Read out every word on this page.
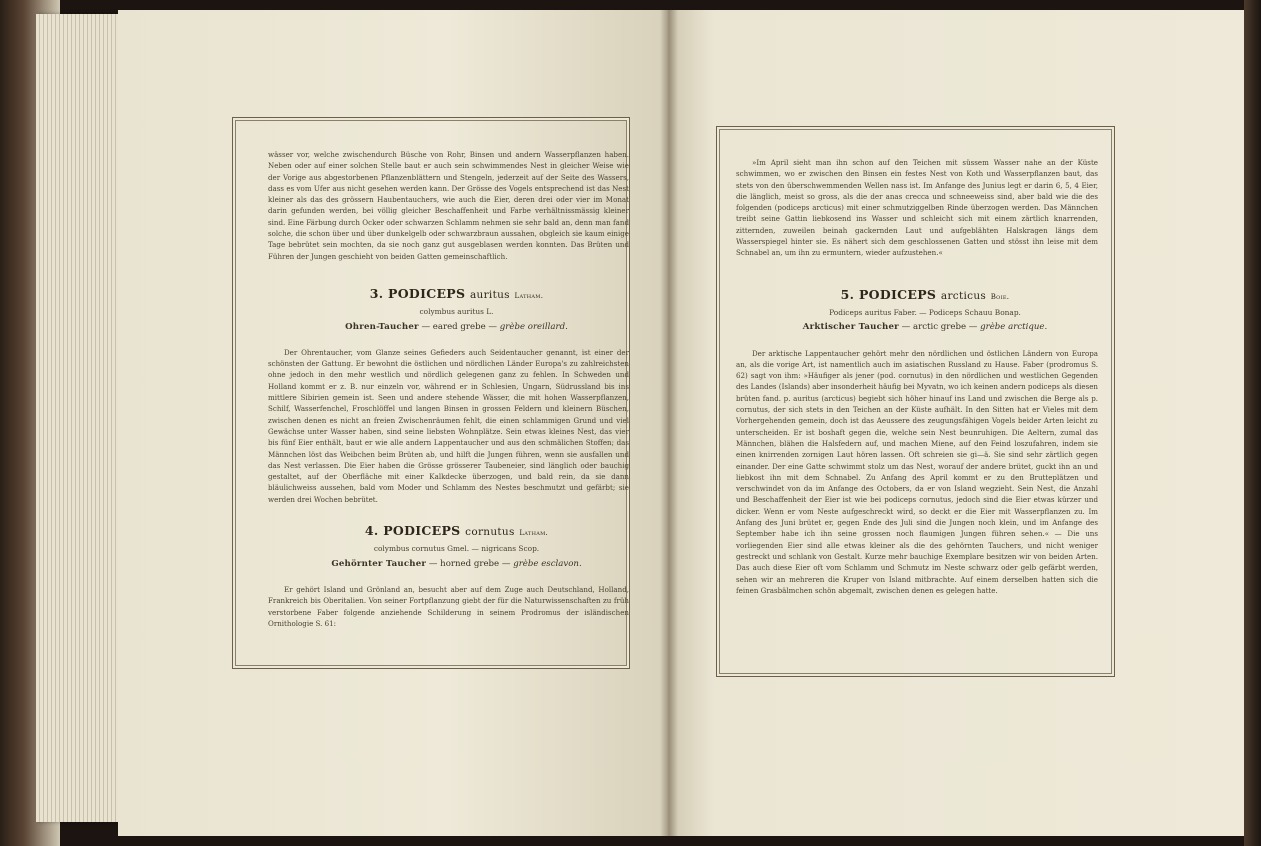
wässer vor, welche zwischendurch Büsche von Rohr, Binsen und andern Wasserpflanzen haben. Neben oder auf einer solchen Stelle baut er auch sein schwimmendes Nest in gleicher Weise wie der Vorige aus abgestorbenen Pflanzenblättern und Stengeln, jederzeit auf der Seite des Wassers, dass es vom Ufer aus nicht gesehen werden kann. Der Grösse des Vogels entsprechend ist das Nest kleiner als das des grössern Haubentauchers, wie auch die Eier, deren drei oder vier im Monat darin gefunden werden, bei völlig gleicher Beschaffenheit und Farbe verhältnissmässig kleiner sind. Eine Färbung durch Ocker oder schwarzen Schlamm nehmen sie sehr bald an, denn man fand solche, die schon über und über dunkelgelb oder schwarzbraun aussahen, obgleich sie kaum einige Tage bebrütet sein mochten, da sie noch ganz gut ausgeblasen werden konnten. Das Brüten und Führen der Jungen geschieht von beiden Gatten gemeinschaftlich.

3. PODICEPS auritus Latham.

colymbus auritus L.

Ohren-Taucher — eared grebe — grèbe oreillard.

Der Ohrentaucher, vom Glanze seines Gefieders auch Seidentaucher genannt, ist einer der schönsten der Gattung. Er bewohnt die östlichen und nördlichen Länder Europa's zu zahlreichsten ohne jedoch in den mehr westlich und nördlich gelegenen ganz zu fehlen. In Schweden und Holland kommt er z. B. nur einzeln vor, während er in Schlesien, Ungarn, Südrussland bis ins mittlere Sibirien gemein ist. Seen und andere stehende Wässer, die mit hohen Wasserpflanzen, Schilf, Wasserfenchel, Froschlöffel und langen Binsen in grossen Feldern und kleinern Büschen, zwischen denen es nicht an freien Zwischenräumen fehlt, die einen schlammigen Grund und viel Gewächse unter Wasser haben, sind seine liebsten Wohnplätze. Sein etwas kleines Nest, das vier bis fünf Eier enthält, baut er wie alle andern Lappentaucher und aus den schmälichen Stoffen; das Männchen löst das Weibchen beim Brüten ab, und hilft die Jungen führen, wenn sie ausfallen und das Nest verlassen. Die Eier haben die Grösse grösserer Taubeneier, sind länglich oder bauchig gestaltet, auf der Oberfläche mit einer Kalkdecke überzogen, und bald rein, da sie dann bläulichweiss aussehen, bald vom Moder und Schlamm des Nestes beschmutzt und gefärbt; sie werden drei Wochen bebrütet.

4. PODICEPS cornutus Latham.

colymbus cornutus Gmel. — nigricans Scop.

Gehörnter Taucher — horned grebe — grèbe esclavon.

Er gehört Island und Grönland an, besucht aber auf dem Zuge auch Deutschland, Holland, Frankreich bis Oberitalien. Von seiner Fortpflanzung giebt der für die Naturwissenschaften zu früh verstorbene Faber folgende anziehende Schilderung in seinem Prodromus der isländischen Ornithologie S. 61:

»Im April sieht man ihn schon auf den Teichen mit süssem Wasser nahe an der Küste schwimmen, wo er zwischen den Binsen ein festes Nest von Koth und Wasserpflanzen baut, das stets von den überschwemmenden Wellen nass ist. Im Anfange des Junius legt er darin 6, 5, 4 Eier, die länglich, meist so gross, als die der anas crecca und schneeweiss sind, aber bald wie die des folgenden (podiceps arcticus) mit einer schmutziggelben Rinde überzogen werden. Das Männchen treibt seine Gattin liebkosend ins Wasser und schleicht sich mit einem zärtlich knarrenden, zitternden, zuweilen beinah gackernden Laut und aufgeblähten Halskragen längs dem Wasserspiegel hinter sie. Es nähert sich dem geschlossenen Gatten und stösst ihn leise mit dem Schnabel an, um ihn zu ermuntern, wieder aufzustehen.«

5. PODICEPS arcticus Boie.

Podiceps auritus Faber. — Podiceps Schauu Bonap.

Arktischer Taucher — arctic grebe — grèbe arctique.

Der arktische Lappentaucher gehört mehr den nördlichen und östlichen Ländern von Europa an, als die vorige Art, ist namentlich auch im asiatischen Russland zu Hause. Faber (prodromus S. 62) sagt von ihm: »Häufiger als jener (pod. cornutus) in den nördlichen und westlichen Gegenden des Landes (Islands) aber insonderheit häufig bei Myvatn, wo ich keinen andern podiceps als diesen brüten fand. p. auritus (arcticus) begiebt sich höher hinauf ins Land und zwischen die Berge als p. cornutus, der sich stets in den Teichen an der Küste aufhält. In den Sitten hat er Vieles mit dem Vorhergehenden gemein, doch ist das Aeussere des zeugungsfähigen Vogels beider Arten leicht zu unterscheiden. Er ist boshaft gegen die, welche sein Nest beunruhigen. Die Aeltern, zumal das Männchen, blähen die Halsfedern auf, und machen Miene, auf den Feind loszufahren, indem sie einen knirrenden zornigen Laut hören lassen. Oft schreien sie gi—ä. Sie sind sehr zärtlich gegen einander. Der eine Gatte schwimmt stolz um das Nest, worauf der andere brütet, guckt ihn an und liebkost ihn mit dem Schnabel. Zu Anfang des April kommt er zu den Brutteplätzen und verschwindet von da im Anfange des Octobers, da er von Island wegzieht. Sein Nest, die Anzahl und Beschaffenheit der Eier ist wie bei podiceps cornutus, jedoch sind die Eier etwas kürzer und dicker. Wenn er vom Neste aufgeschreckt wird, so deckt er die Eier mit Wasserpflanzen zu. Im Anfang des Juni brütet er, gegen Ende des Juli sind die Jungen noch klein, und im Anfange des September habe ich ihn seine grossen noch flaumigen Jungen führen sehen.« — Die uns vorliegenden Eier sind alle etwas kleiner als die des gehörnten Tauchers, und nicht weniger gestreckt und schlank von Gestalt. Kurze mehr bauchige Exemplare besitzen wir von beiden Arten. Das auch diese Eier oft vom Schlamm und Schmutz im Neste schwarz oder gelb gefärbt werden, sehen wir an mehreren die Kruper von Island mitbrachte. Auf einem derselben hatten sich die feinen Grasbälmchen schön abgemalt, zwischen denen es gelegen hatte.
